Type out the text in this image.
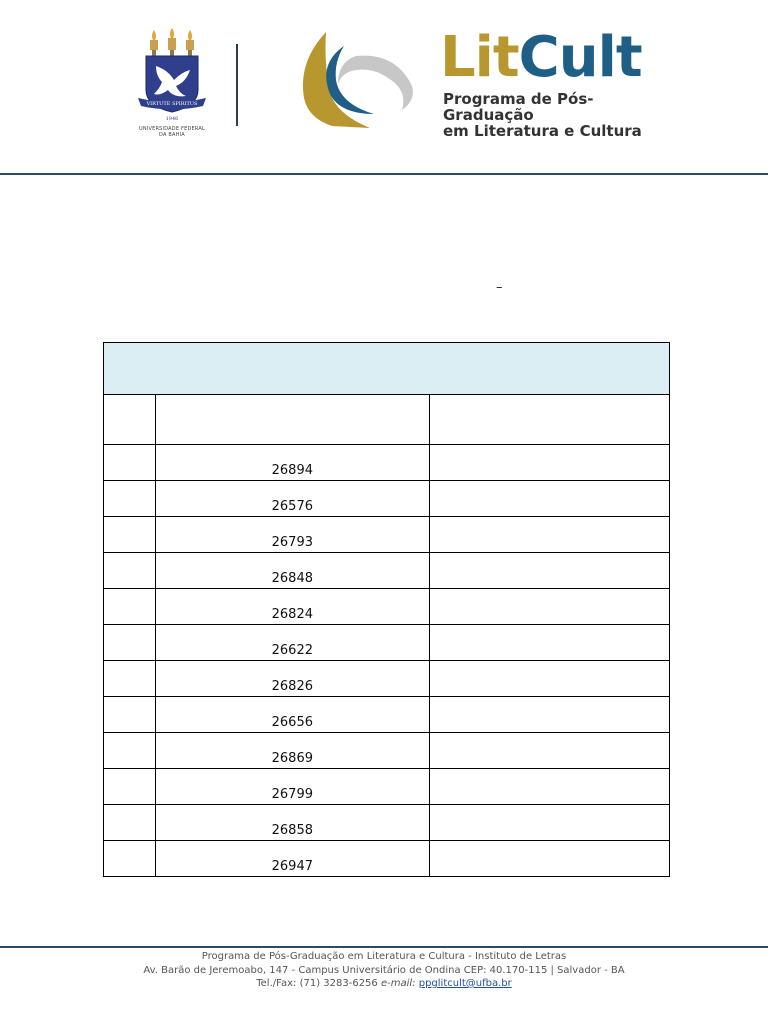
VIRTUTE SPIRITUS
1946
UNIVERSIDADE FEDERAL
DA BAHIA
LitCult
Programa de Pós-Graduação
em Literatura e Cultura
–

	26894	
	26576	
	26793	
	26848	
	26824	
	26622	
	26826	
	26656	
	26869	
	26799	
	26858	
	26947	
Programa de Pós-Graduação em Literatura e Cultura - Instituto de Letras
Av. Barão de Jeremoabo, 147 - Campus Universitário de Ondina CEP: 40.170-115 | Salvador - BA
Tel./Fax: (71) 3283-6256 e-mail: ppglitcult@ufba.br
